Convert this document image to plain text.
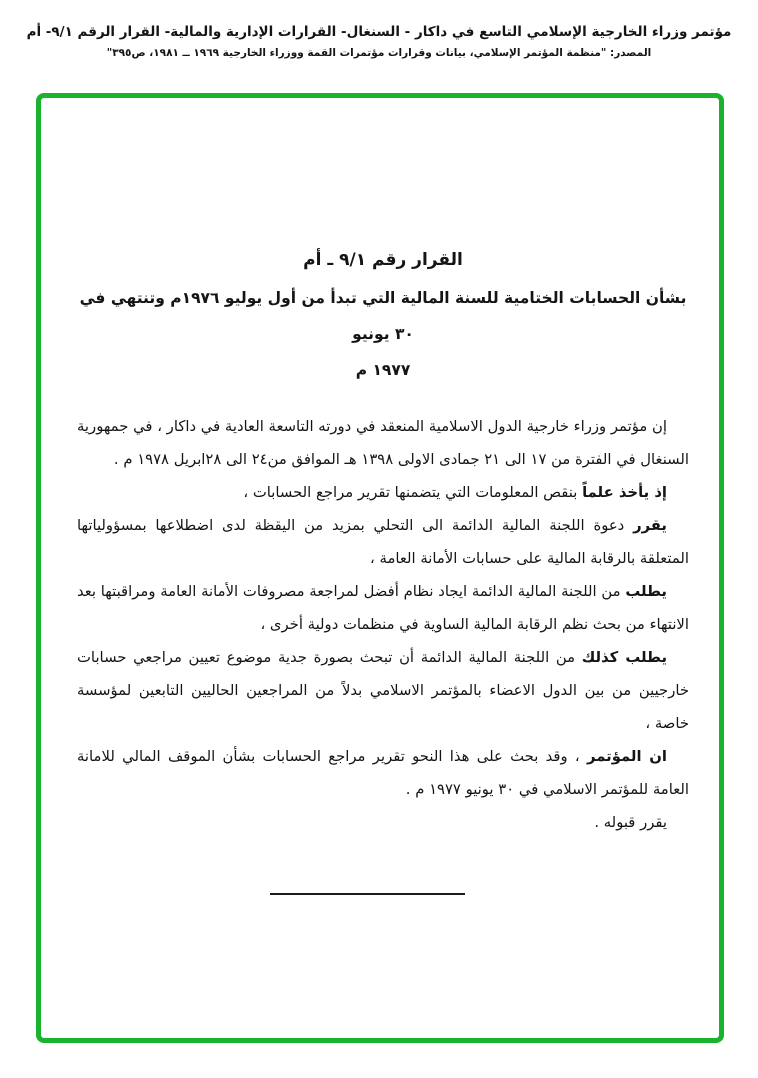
مؤتمر وزراء الخارجية الإسلامي التاسع في داكار - السنغال- القرارات الإدارية والمالية- القرار الرقم ٩/١- أم
المصدر: "منظمة المؤتمر الإسلامي، بيانات وقرارات مؤتمرات القمة ووزراء الخارجية ١٩٦٩ ــ ١٩٨١، ص٣٩٥"
القرار رقم ٩/١ ـ أم
بشأن الحسابات الختامية للسنة المالية التي تبدأ من أول يوليو ١٩٧٦م وتنتهي في ٣٠ يونيو
١٩٧٧ م
إن مؤتمر وزراء خارجية الدول الاسلامية المنعقد في دورته التاسعة العادية في داكار ، في جمهورية السنغال في الفترة من ١٧ الى ٢١ جمادى الاولى ١٣٩٨ هـ الموافق من٢٤ الى ٢٨ابريل ١٩٧٨ م .
إذ يأخذ علماً بنقص المعلومات التي يتضمنها تقرير مراجع الحسابات ،
يقرر دعوة اللجنة المالية الدائمة الى التحلي بمزيد من اليقظة لدى اضطلاعها بمسؤولياتها المتعلقة بالرقابة المالية على حسابات الأمانة العامة ،
يطلب من اللجنة المالية الدائمة ايجاد نظام أفضل لمراجعة مصروفات الأمانة العامة ومراقبتها بعد الانتهاء من بحث نظم الرقابة المالية الساوية في منظمات دولية أخرى ،
يطلب كذلك من اللجنة المالية الدائمة أن تبحث بصورة جدية موضوع تعيين مراجعي حسابات خارجيين من بين الدول الاعضاء بالمؤتمر الاسلامي بدلاً من المراجعين الحاليين التابعين لمؤسسة خاصة ،
ان المؤتمر ، وقد بحث على هذا النحو تقرير مراجع الحسابات بشأن الموقف المالي للامانة العامة للمؤتمر الاسلامي في ٣٠ يونيو ١٩٧٧ م .
يقرر قبوله .
